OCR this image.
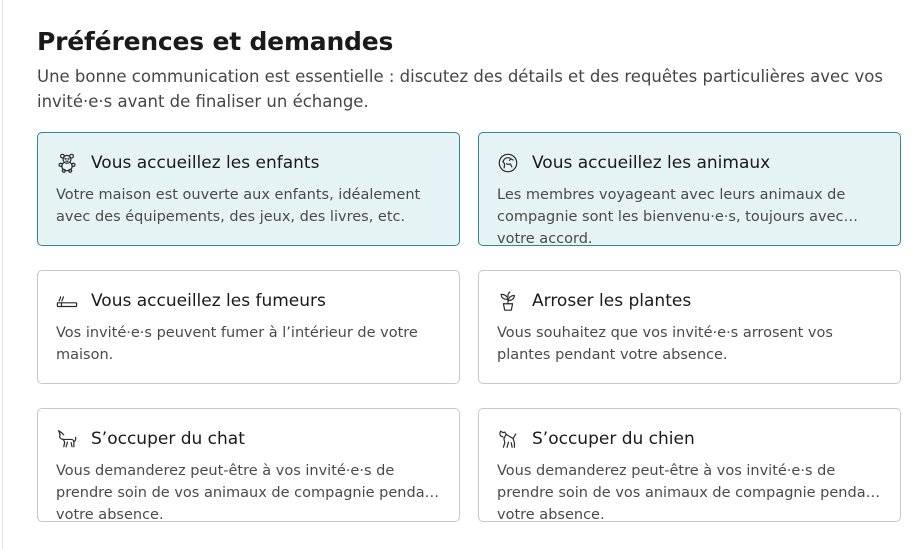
Préférences et demandes

Une bonne communication est essentielle : discutez des détails et des requêtes particulières avec vos invité·e·s avant de finaliser un échange.

Vous accueillez les enfants
Votre maison est ouverte aux enfants, idéalement avec des équipements, des jeux, des livres, etc.
Vous accueillez les animaux
Les membres voyageant avec leurs animaux de compagnie sont les bienvenu·e·s, toujours avec votre accord.
Vous accueillez les fumeurs
Vos invité·e·s peuvent fumer à l’intérieur de votre maison.
Arroser les plantes
Vous souhaitez que vos invité·e·s arrosent vos plantes pendant votre absence.
S’occuper du chat
Vous demanderez peut-être à vos invité·e·s de prendre soin de vos animaux de compagnie pendant votre absence.
S’occuper du chien
Vous demanderez peut-être à vos invité·e·s de prendre soin de vos animaux de compagnie pendant votre absence.
